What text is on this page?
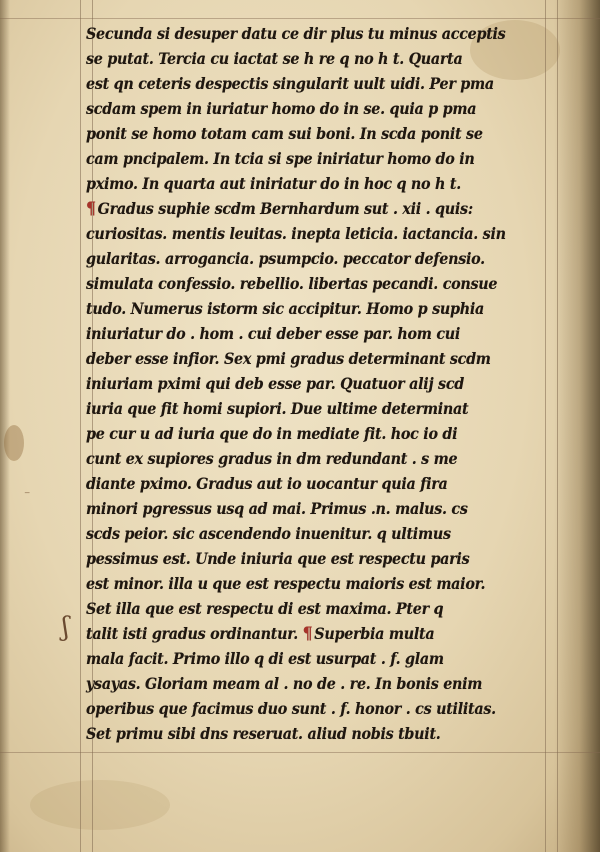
⁻
ʃ
Secunda si desuper datu ce dir plus tu minus acceptis
se putat. Tercia cu iactat se h re q no h t. Quarta
est qn ceteris despectis singularit uult uidi. Per pma
scdam spem in iuriatur homo do in se. quia p pma
ponit se homo totam cam sui boni. In scda ponit se
cam pncipalem. In tcia si spe iniriatur homo do in
pximo. In quarta aut iniriatur do in hoc q no h t.
¶ Gradus suphie scdm Bernhardum sut . xii . quis:
curiositas. mentis leuitas. inepta leticia. iactancia. sin
gularitas. arrogancia. psumpcio. peccator defensio.
simulata confessio. rebellio. libertas pecandi. consue
tudo. Numerus istorm sic accipitur. Homo p suphia
iniuriatur do . hom . cui deber esse par. hom cui
deber esse infior. Sex pmi gradus determinant scdm
iniuriam pximi qui deb esse par. Quatuor alij scd
iuria que fit homi supiori. Due ultime determinat
pe cur u ad iuria que do in mediate fit. hoc io di
cunt ex supiores gradus in dm redundant . s me
diante pximo. Gradus aut io uocantur quia fira
minori pgressus usq ad mai. Primus .n. malus. cs
scds peior. sic ascendendo inuenitur. q ultimus
pessimus est. Unde iniuria que est respectu paris
est minor. illa u que est respectu maioris est maior.
Set illa que est respectu di est maxima. Pter q
talit isti gradus ordinantur. ¶ Superbia multa
mala facit. Primo illo q di est usurpat . f. glam
ysayas. Gloriam meam al . no de . re. In bonis enim
operibus que facimus duo sunt . f. honor . cs utilitas.
Set primu sibi dns reseruat. aliud nobis tbuit.
